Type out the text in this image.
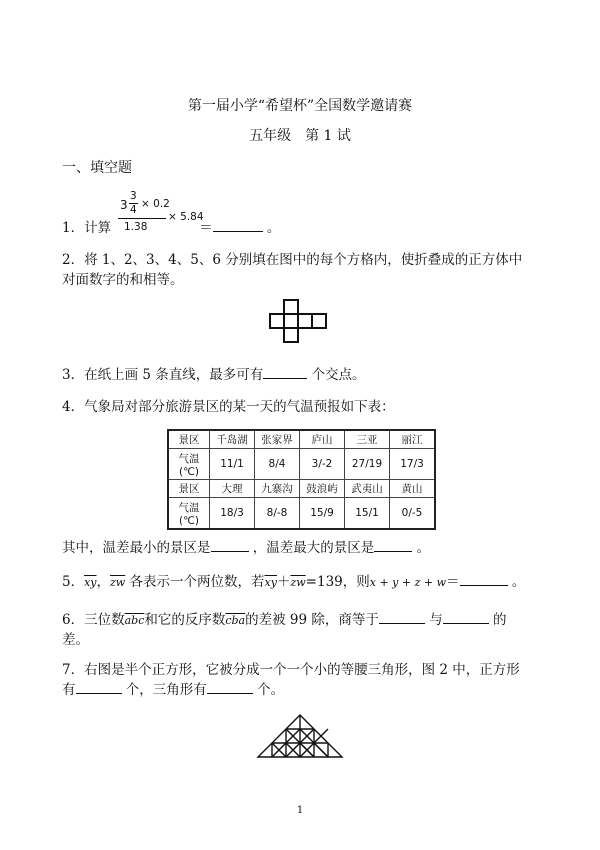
第一届小学“希望杯”全国数学邀请赛
五年级　第 1 试
一、填空题
3
3
4 × 0.2
1.38
× 5.84
1．计算	＝	。
2．将 1、2、3、4、5、6 分别填在图中的每个方格内，使折叠成的正方体中
对面数字的和相等。
3．在纸上画 5 条直线，最多可有	个交点。
4．气象局对部分旅游景区的某一天的气温预报如下表：
景区	千岛湖	张家界	庐山	三亚	丽江
气温(℃)	11/1	8/4	3/-2	27/19	17/3
景区	大理	九寨沟	鼓浪屿	武夷山	黄山
气温(℃)	18/3	8/-8	15/9	15/1	0/-5
其中，温差最小的景区是	，温差最大的景区是	。
5．$\overline{xy}$，$\overline{zw}$ 各表示一个两位数，若$\overline{xy}+\overline{zw}=139$，则x + y + z + w＝	。
6．三位数$\overline{abc}$和它的反序数$\overline{cba}$的差被 99 除，商等于	与	的
差。
7．右图是半个正方形，它被分成一个一个小的等腰三角形，图 2 中，正方形
有	个，三角形有	个。
1
